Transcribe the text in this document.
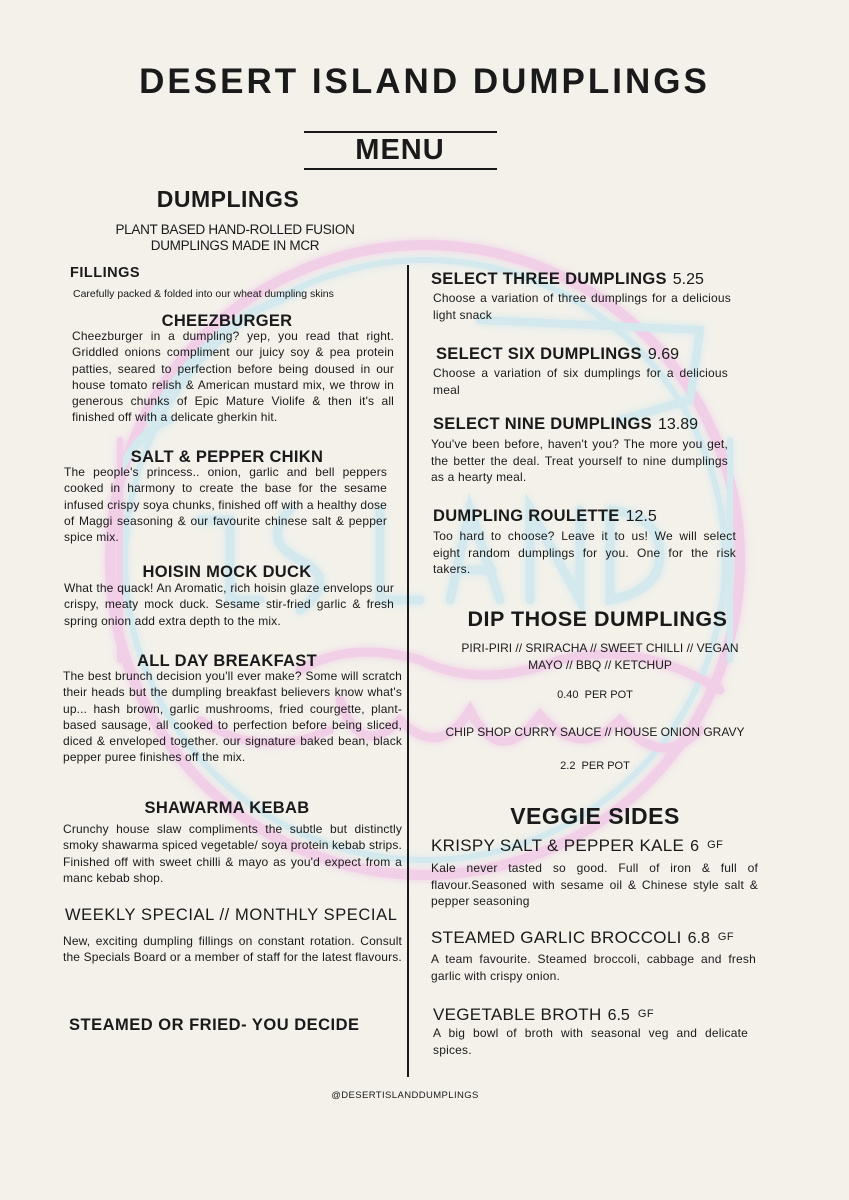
DESERT ISLAND DUMPLINGS
MENU
DUMPLINGS
PLANT BASED HAND-ROLLED FUSION
DUMPLINGS MADE IN MCR
FILLINGS
Carefully packed & folded into our wheat dumpling skins
CHEEZBURGER
Cheezburger in a dumpling? yep, you read that right. Griddled onions compliment our juicy soy & pea protein patties, seared to perfection before being doused in our house tomato relish & American mustard mix, we throw in generous chunks of Epic Mature Violife & then it's all finished off with a delicate gherkin hit.
SALT & PEPPER CHIKN
The people's princess.. onion, garlic and bell peppers cooked in harmony to create the base for the sesame infused crispy soya chunks, finished off with a healthy dose of Maggi seasoning & our favourite chinese salt & pepper spice mix.
HOISIN MOCK DUCK
What the quack! An Aromatic, rich hoisin glaze envelops our crispy, meaty mock duck. Sesame stir-fried garlic & fresh spring onion add extra depth to the mix.
ALL DAY BREAKFAST
The best brunch decision you'll ever make? Some will scratch their heads but the dumpling breakfast believers know what's up... hash brown, garlic mushrooms, fried courgette, plant-based sausage, all cooked to perfection before being sliced, diced & enveloped together. our signature baked bean, black pepper puree finishes off the mix.
SHAWARMA KEBAB
Crunchy house slaw compliments the subtle but distinctly smoky shawarma spiced vegetable/ soya protein kebab strips. Finished off with sweet chilli & mayo as you'd expect from a manc kebab shop.
WEEKLY SPECIAL // MONTHLY SPECIAL
New, exciting dumpling fillings on constant rotation. Consult the Specials Board or a member of staff for the latest flavours.
STEAMED OR FRIED- YOU DECIDE
SELECT THREE DUMPLINGS 5.25
Choose a variation of three dumplings for a delicious light snack
SELECT SIX DUMPLINGS 9.69
Choose a variation of six dumplings for a delicious meal
SELECT NINE DUMPLINGS 13.89
You've been before, haven't you? The more you get, the better the deal. Treat yourself to nine dumplings as a hearty meal.
DUMPLING ROULETTE 12.5
Too hard to choose? Leave it to us! We will select eight random dumplings for you. One for the risk takers.
DIP THOSE DUMPLINGS
PIRI-PIRI // SRIRACHA // SWEET CHILLI // VEGAN
MAYO // BBQ // KETCHUP
0.40  PER POT
CHIP SHOP CURRY SAUCE // HOUSE ONION GRAVY
2.2  PER POT
VEGGIE SIDES
KRISPY SALT & PEPPER KALE 6 GF
Kale never tasted so good. Full of iron & full of flavour.Seasoned with sesame oil & Chinese style salt & pepper seasoning
STEAMED GARLIC BROCCOLI 6.8 GF
A team favourite. Steamed broccoli, cabbage and fresh garlic with crispy onion.
VEGETABLE BROTH 6.5 GF
A big bowl of broth with seasonal veg and delicate spices.
@DESERTISLANDDUMPLINGS
